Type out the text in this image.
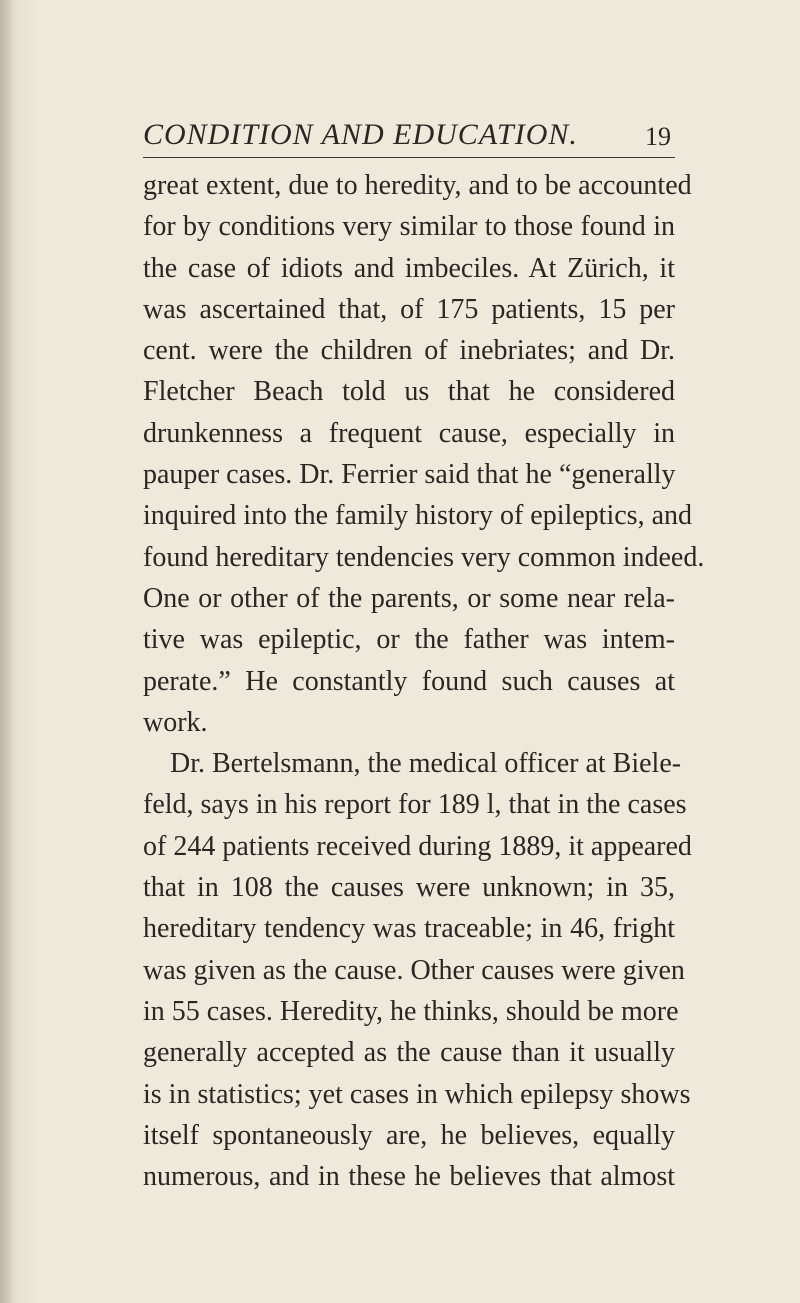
CONDITION AND EDUCATION.	19
great extent, due to heredity, and to be accounted
for by conditions very similar to those found in
the case of idiots and imbeciles. At Zürich, it
was ascertained that, of 175 patients, 15 per
cent. were the children of inebriates; and Dr.
Fletcher Beach told us that he considered
drunkenness a frequent cause, especially in
pauper cases. Dr. Ferrier said that he “generally
inquired into the family history of epileptics, and
found hereditary tendencies very common indeed.
One or other of the parents, or some near rela-
tive was epileptic, or the father was intem-
perate.” He constantly found such causes at
work.
Dr. Bertelsmann, the medical officer at Biele-
feld, says in his report for 189 l, that in the cases
of 244 patients received during 1889, it appeared
that in 108 the causes were unknown; in 35,
hereditary tendency was traceable; in 46, fright
was given as the cause. Other causes were given
in 55 cases. Heredity, he thinks, should be more
generally accepted as the cause than it usually
is in statistics; yet cases in which epilepsy shows
itself spontaneously are, he believes, equally
numerous, and in these he believes that almost
